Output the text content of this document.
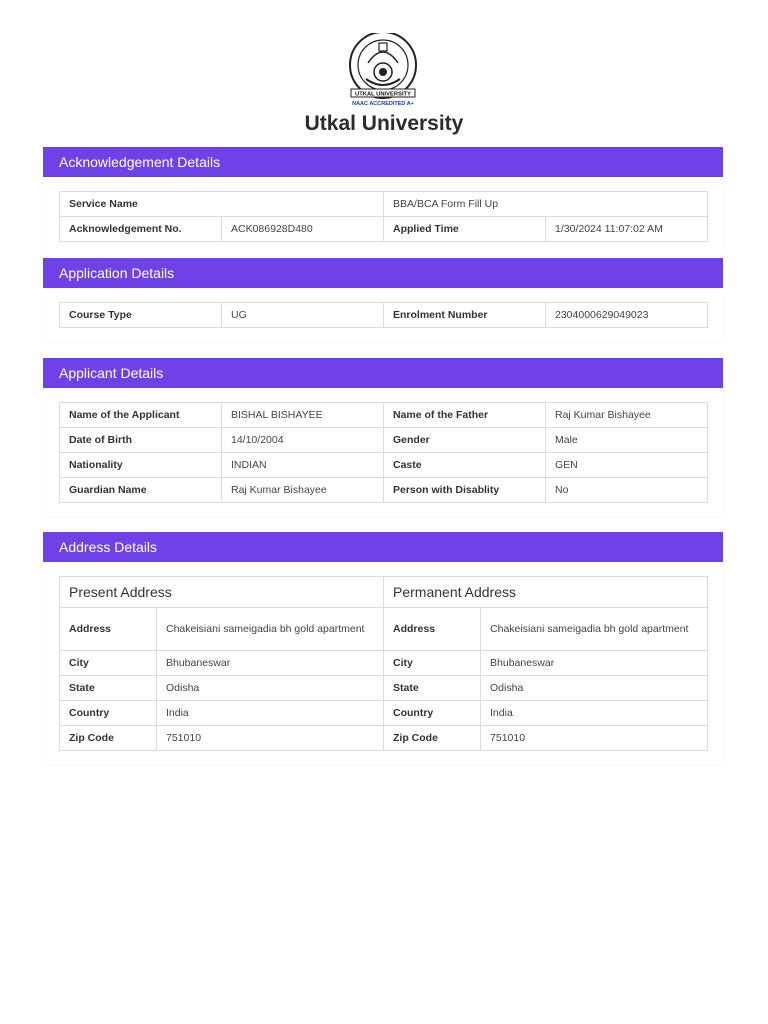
UTKAL UNIVERSITY
NAAC ACCREDITED A+
Utkal University
Acknowledgement Details
Service Name		BBA/BCA Form Fill Up	
Acknowledgement No.	ACK086928D480	Applied Time	1/30/2024 11:07:02 AM
Application Details
Course Type	UG	Enrolment Number	2304000629049023
Applicant Details
Name of the Applicant	BISHAL BISHAYEE	Name of the Father	Raj Kumar Bishayee
Date of Birth	14/10/2004	Gender	Male
Nationality	INDIAN	Caste	GEN
Guardian Name	Raj Kumar Bishayee	Person with Disablity	No
Address Details
Present Address		Permanent Address	
Address	Chakeisiani sameigadia bh gold apartment	Address	Chakeisiani sameigadia bh gold apartment
City	Bhubaneswar	City	Bhubaneswar
State	Odisha	State	Odisha
Country	India	Country	India
Zip Code	751010	Zip Code	751010
